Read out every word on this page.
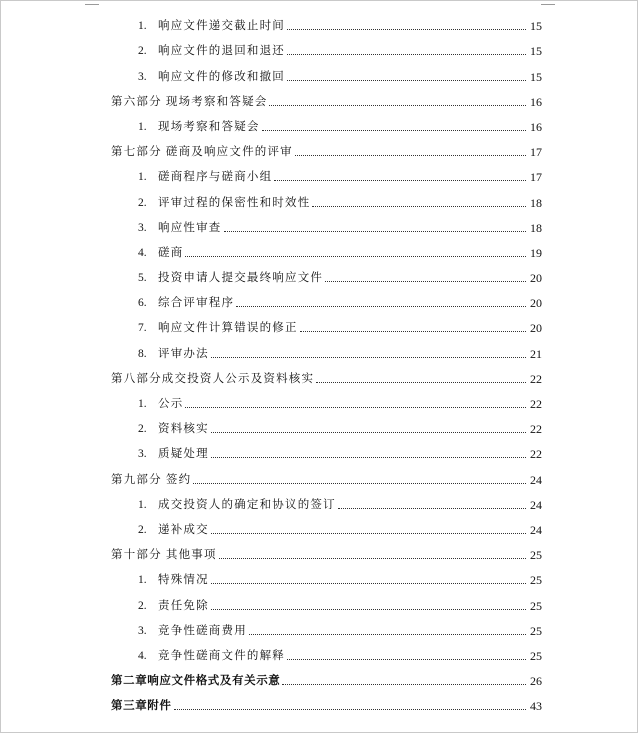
1. 响应文件递交截止时间	15
2. 响应文件的退回和退还	15
3. 响应文件的修改和撤回	15
第六部分 现场考察和答疑会	16
1. 现场考察和答疑会	16
第七部分 磋商及响应文件的评审	17
1. 磋商程序与磋商小组	17
2. 评审过程的保密性和时效性	18
3. 响应性审查	18
4. 磋商	19
5. 投资申请人提交最终响应文件	20
6. 综合评审程序	20
7. 响应文件计算错误的修正	20
8. 评审办法	21
第八部分成交投资人公示及资料核实	22
1. 公示	22
2. 资料核实	22
3. 质疑处理	22
第九部分 签约	24
1. 成交投资人的确定和协议的签订	24
2. 递补成交	24
第十部分 其他事项	25
1. 特殊情况	25
2. 责任免除	25
3. 竞争性磋商费用	25
4. 竞争性磋商文件的解释	25
第二章响应文件格式及有关示意	26
第三章附件	43
